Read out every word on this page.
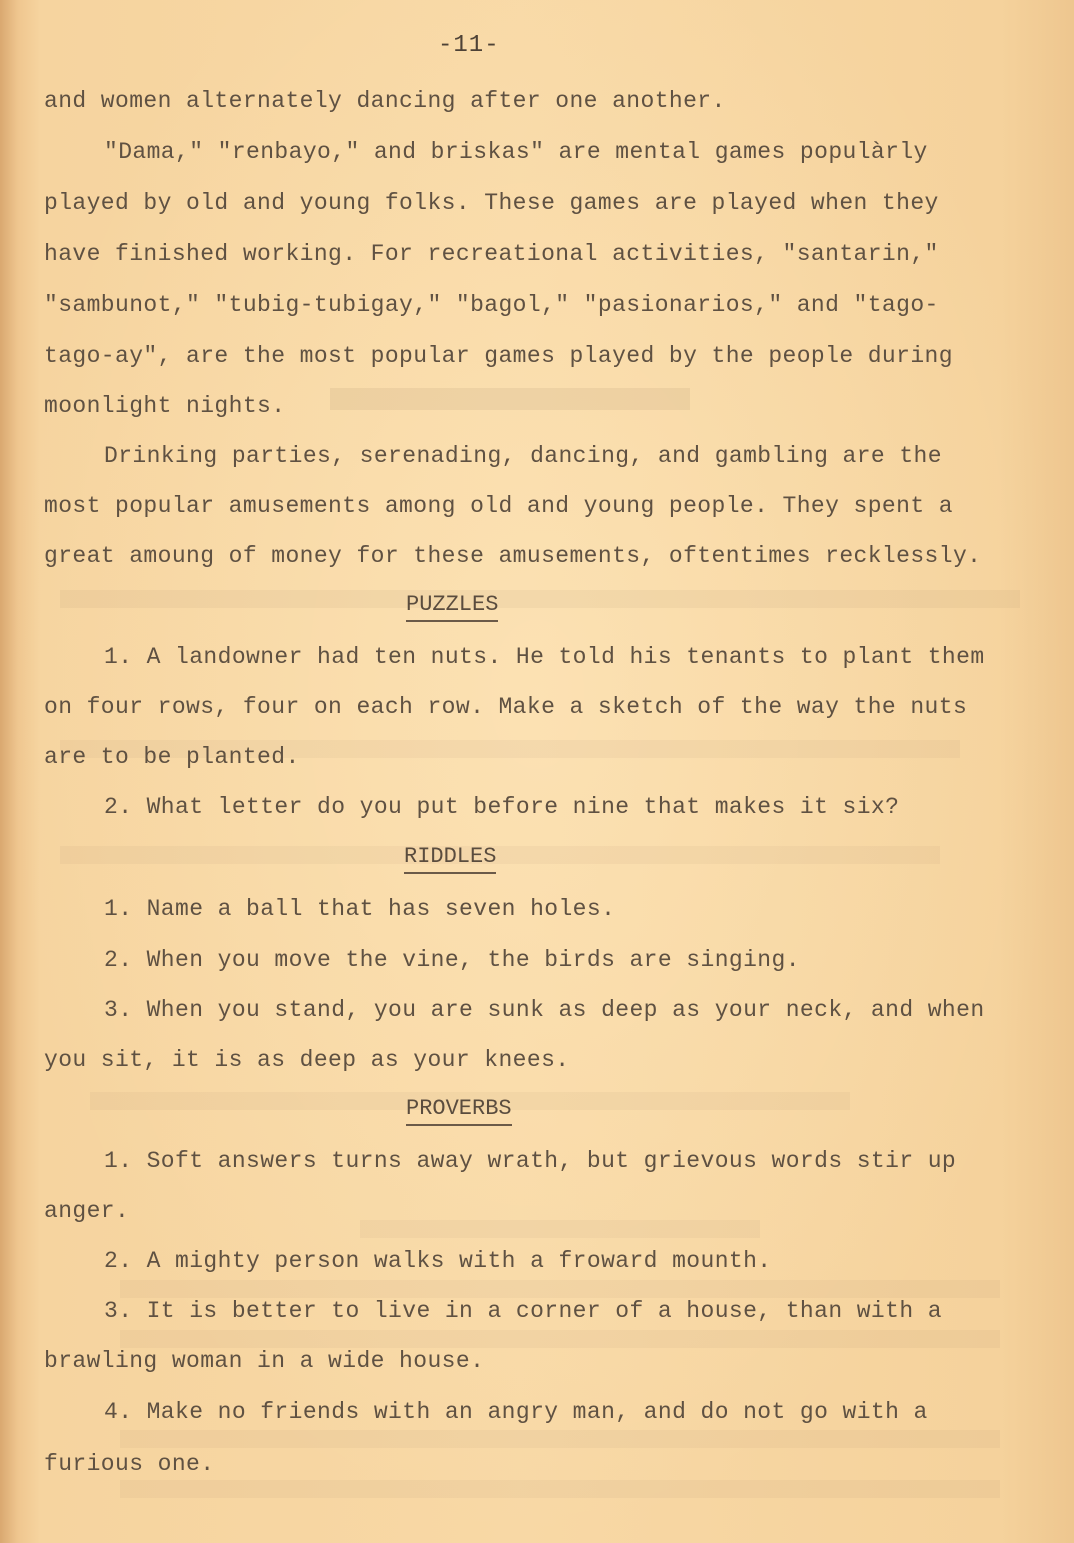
-11-
and women alternately dancing after one another.
"Dama," "renbayo," and briskas" are mental games populàrly
played by old and young folks. These games are played when they
have finished working. For recreational activities, "santarin,"
"sambunot," "tubig-tubigay," "bagol," "pasionarios," and "tago-
tago-ay", are the most popular games played by the people during
moonlight nights.
Drinking parties, serenading, dancing, and gambling are the
most popular amusements among old and young people. They spent a
great amoung of money for these amusements, oftentimes recklessly.
PUZZLES
1. A landowner had ten nuts. He told his tenants to plant them
on four rows, four on each row. Make a sketch of the way the nuts
are to be planted.
2. What letter do you put before nine that makes it six?
RIDDLES
1. Name a ball that has seven holes.
2. When you move the vine, the birds are singing.
3. When you stand, you are sunk as deep as your neck, and when
you sit, it is as deep as your knees.
PROVERBS
1. Soft answers turns away wrath, but grievous words stir up
anger.
2. A mighty person walks with a froward mounth.
3. It is better to live in a corner of a house, than with a
brawling woman in a wide house.
4. Make no friends with an angry man, and do not go with a
furious one.
